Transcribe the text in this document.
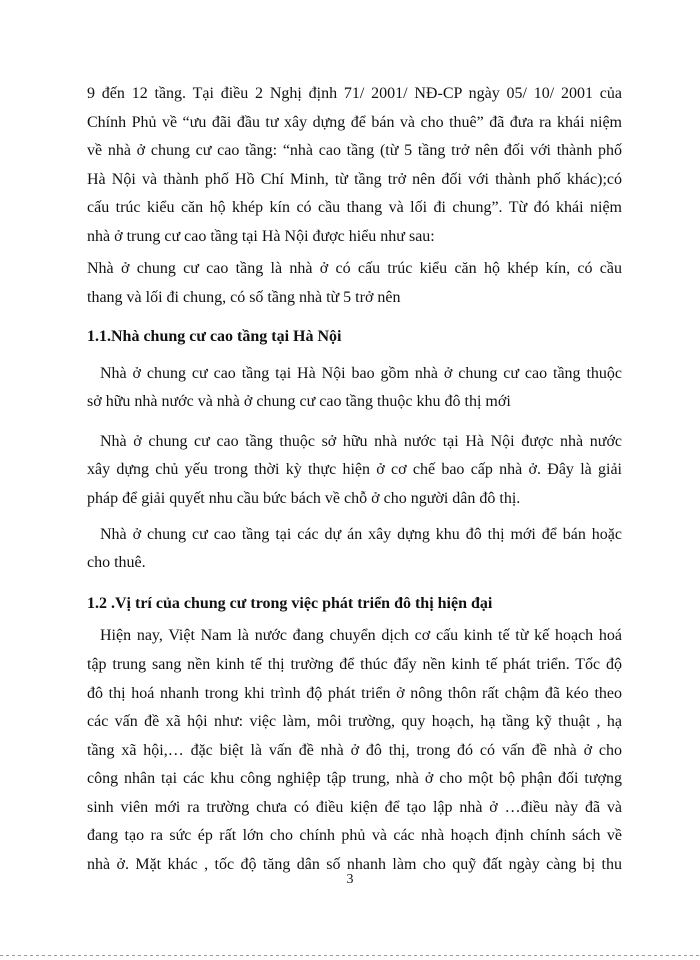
9 đến 12 tầng. Tại điều 2 Nghị định 71/ 2001/ NĐ-CP ngày 05/ 10/ 2001 của
Chính Phủ về “ưu đãi đầu tư xây dựng để bán và cho thuê” đã đưa ra khái niệm
về nhà ở chung cư cao tầng: “nhà cao tầng (từ 5 tầng trở nên đối với thành phố
Hà Nội và thành phố Hồ Chí Minh, từ tầng trở nên đối với thành phố khác);có
cấu trúc kiểu căn hộ khép kín có cầu thang và lối đi chung”. Từ đó khái niệm
nhà ở trung cư cao tầng tại Hà Nội được hiểu như sau:
Nhà ở chung cư cao tầng là nhà ở có cấu trúc kiểu căn hộ khép kín, có cầu
thang và lối đi chung, có số tầng nhà từ 5 trở nên
1.1.Nhà chung cư cao tầng tại Hà Nội
Nhà ở chung cư cao tầng tại Hà Nội bao gồm nhà ở chung cư cao tầng thuộc
sở hữu nhà nước và nhà ở chung cư cao tầng thuộc khu đô thị mới
Nhà ở chung cư cao tầng thuộc sở hữu nhà nước tại Hà Nội được nhà nước
xây dựng chủ yếu trong thời kỳ thực hiện ở cơ chế bao cấp nhà ở. Đây là giải
pháp để giải quyết nhu cầu bức bách về chỗ ở cho người dân đô thị.
Nhà ở chung cư cao tầng tại các dự án xây dựng khu đô thị mới để bán hoặc
cho thuê.
1.2 .Vị trí của chung cư trong việc phát triển đô thị hiện đại
Hiện nay, Việt Nam là nước đang chuyển dịch cơ cấu kinh tế từ kế hoạch hoá
tập trung sang nền kinh tế thị trường để thúc đẩy nền kinh tế phát triển. Tốc độ
đô thị hoá nhanh trong khi trình độ phát triển ở nông thôn rất chậm đã kéo theo
các vấn đề xã hội như: việc làm, môi trường, quy hoạch, hạ tầng kỹ thuật , hạ
tầng xã hội,… đặc biệt là vấn đề nhà ở đô thị, trong đó có vấn đề nhà ở cho
công nhân tại các khu công nghiệp tập trung, nhà ở cho một bộ phận đối tượng
sinh viên mới ra trường chưa có điều kiện để tạo lập nhà ở …điều này đã và
đang tạo ra sức ép rất lớn cho chính phủ và các nhà hoạch định chính sách về
nhà ở. Mặt khác , tốc độ tăng dân số nhanh làm cho quỹ đất ngày càng bị thu
3
